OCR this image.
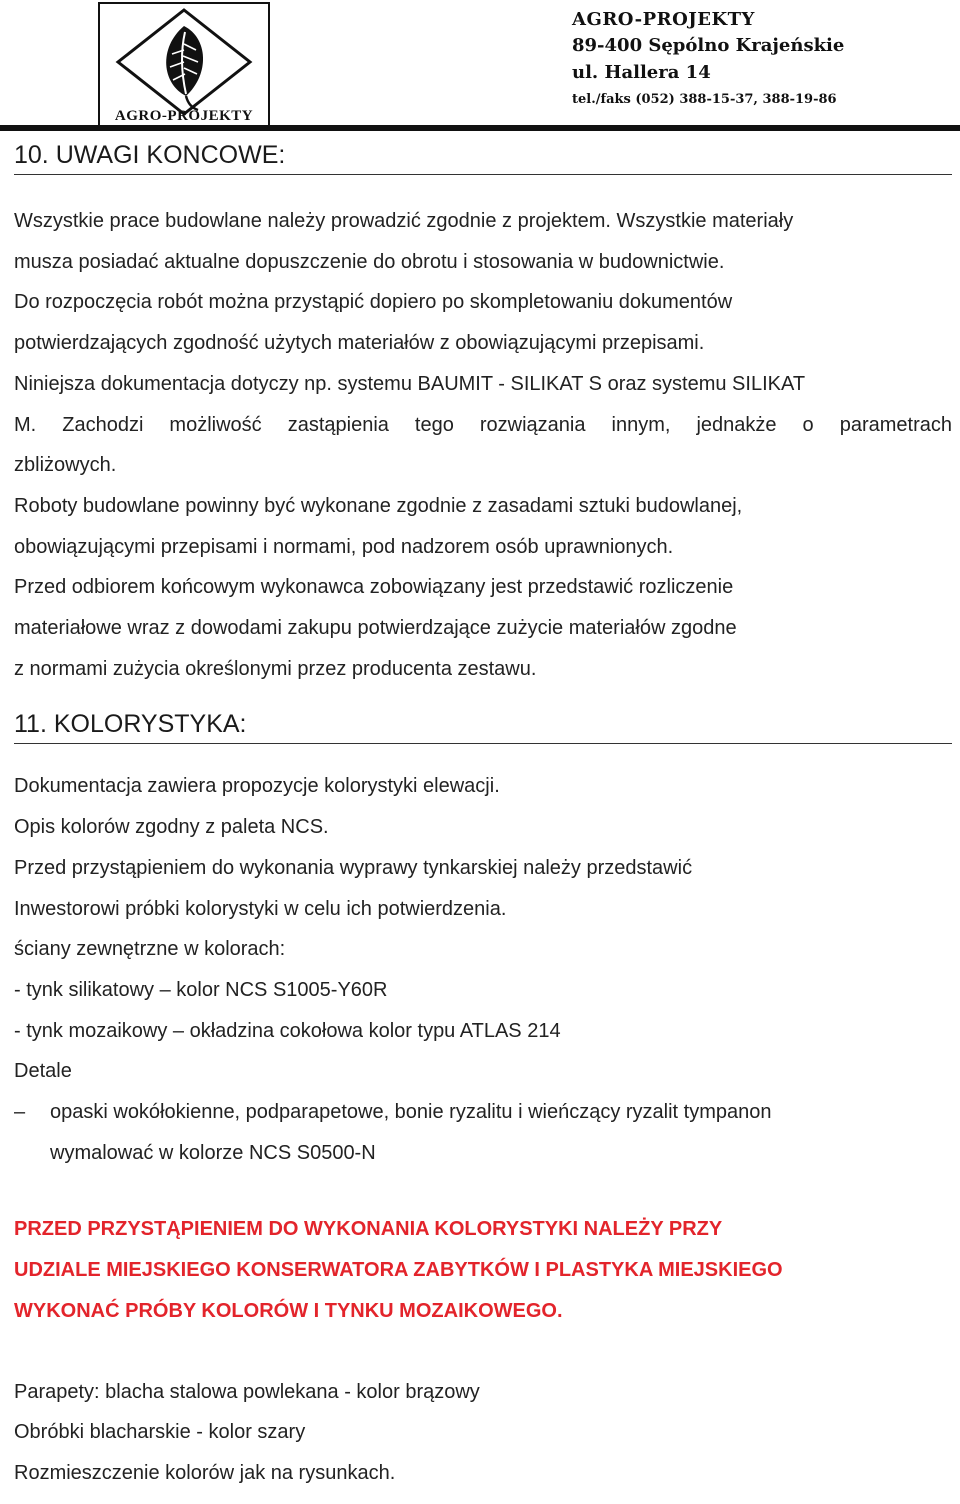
AGRO-PROJEKTY
AGRO-PROJEKTY
89-400 Sępólno Krajeńskie
ul. Hallera 14
tel./faks (052) 388-15-37, 388-19-86
10. UWAGI KONCOWE:

Wszystkie prace budowlane należy prowadzić zgodnie z projektem. Wszystkie materiały

musza posiadać aktualne dopuszczenie do obrotu i stosowania w budownictwie.

Do rozpoczęcia robót można przystąpić dopiero po skompletowaniu dokumentów

potwierdzających zgodność użytych materiałów z obowiązującymi przepisami.

Niniejsza dokumentacja dotyczy np. systemu BAUMIT - SILIKAT S oraz systemu SILIKAT

M. Zachodzi możliwość zastąpienia tego rozwiązania innym, jednakże o parametrach

zbliżowych.

Roboty budowlane powinny być wykonane zgodnie z zasadami sztuki budowlanej,

obowiązującymi przepisami i normami, pod nadzorem osób uprawnionych.

Przed odbiorem końcowym wykonawca zobowiązany jest przedstawić rozliczenie

materiałowe wraz z dowodami zakupu potwierdzające zużycie materiałów zgodne

z normami zużycia określonymi przez producenta zestawu.

11. KOLORYSTYKA:

Dokumentacja zawiera propozycje kolorystyki elewacji.

Opis kolorów zgodny z paleta NCS.

Przed przystąpieniem do wykonania wyprawy tynkarskiej należy przedstawić

Inwestorowi próbki kolorystyki w celu ich potwierdzenia.

ściany zewnętrzne w kolorach:

- tynk silikatowy – kolor NCS S1005-Y60R

- tynk mozaikowy – okładzina cokołowa kolor typu ATLAS 214

Detale

– opaski wokółokienne, podparapetowe, bonie ryzalitu i wieńczący ryzalit tympanon

wymalować w kolorze NCS S0500-N

PRZED PRZYSTĄPIENIEM DO WYKONANIA KOLORYSTYKI NALEŻY PRZY

UDZIALE MIEJSKIEGO KONSERWATORA ZABYTKÓW I PLASTYKA MIEJSKIEGO

WYKONAĆ PRÓBY KOLORÓW I TYNKU MOZAIKOWEGO.

Parapety: blacha stalowa powlekana - kolor brązowy

Obróbki blacharskie - kolor szary

Rozmieszczenie kolorów jak na rysunkach.
